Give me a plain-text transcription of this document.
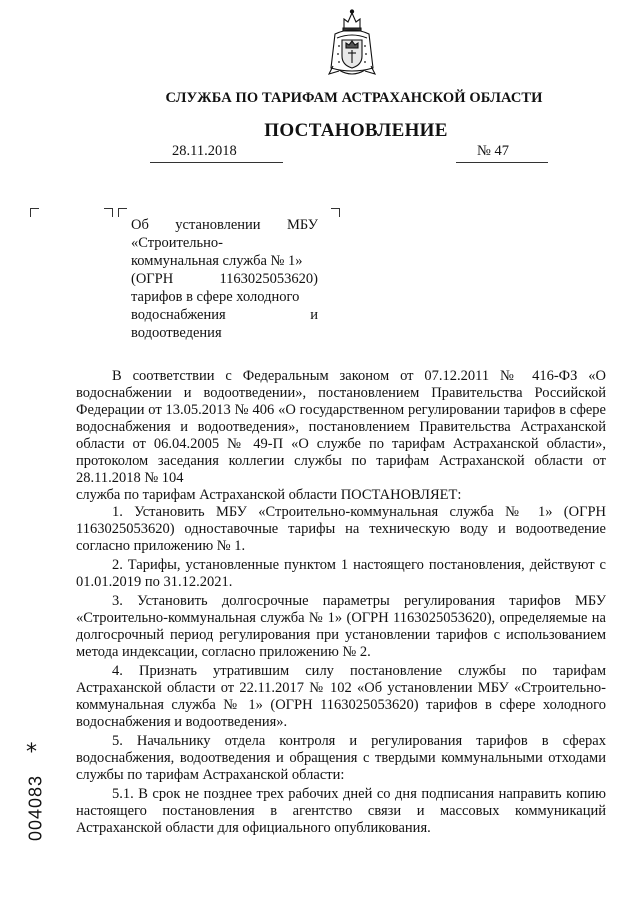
СЛУЖБА ПО ТАРИФАМ АСТРАХАНСКОЙ ОБЛАСТИ
ПОСТАНОВЛЕНИЕ
28.11.2018	№ 47
Об установлении МБУ
«Строительно-
коммунальная служба № 1»
(ОГРН 1163025053620)
тарифов в сфере холодного
водоснабжения и
водоотведения

В соответствии с Федеральным законом от 07.12.2011 № 416-ФЗ «О водоснабжении и водоотведении», постановлением Правительства Российской Федерации от 13.05.2013 № 406 «О государственном регулировании тарифов в сфере водоснабжения и водоотведения», постановлением Правительства Астраханской области от 06.04.2005 № 49-П «О службе по тарифам Астраханской области», протоколом заседания коллегии службы по тарифам Астраханской области от 28.11.2018 № 104

служба по тарифам Астраханской области ПОСТАНОВЛЯЕТ:

1. Установить МБУ «Строительно-коммунальная служба № 1» (ОГРН 1163025053620) одноставочные тарифы на техническую воду и водоотведение согласно приложению № 1.

2. Тарифы, установленные пунктом 1 настоящего постановления, действуют с 01.01.2019 по 31.12.2021.

3. Установить долгосрочные параметры регулирования тарифов МБУ «Строительно-коммунальная служба № 1» (ОГРН 1163025053620), определяемые на долгосрочный период регулирования при установлении тарифов с использованием метода индексации, согласно приложению № 2.

4. Признать утратившим силу постановление службы по тарифам Астраханской области от 22.11.2017 № 102 «Об установлении МБУ «Строительно-коммунальная служба № 1» (ОГРН 1163025053620) тарифов в сфере холодного водоснабжения и водоотведения».

5. Начальнику отдела контроля и регулирования тарифов в сферах водоснабжения, водоотведения и обращения с твердыми коммунальными отходами службы по тарифам Астраханской области:

5.1. В срок не позднее трех рабочих дней со дня подписания направить копию настоящего постановления в агентство связи и массовых коммуникаций Астраханской области для официального опубликования.

*
004083
